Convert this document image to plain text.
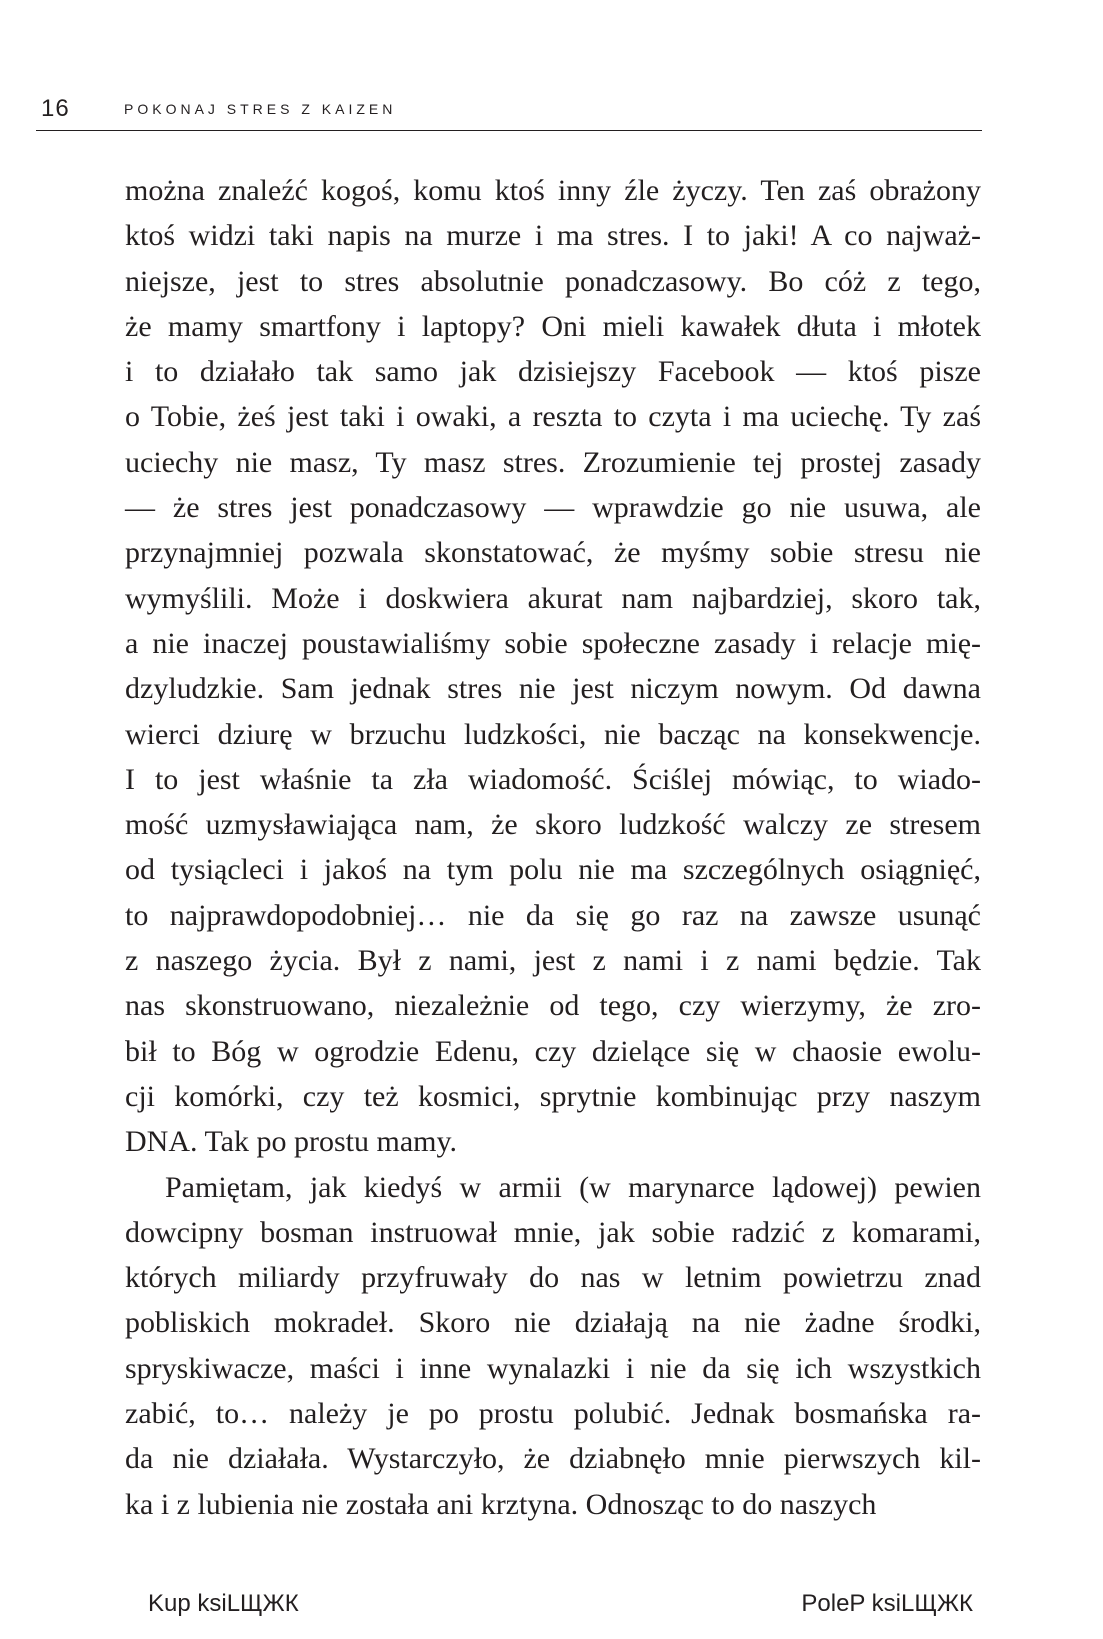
16	POKONAJ STRES Z KAIZEN

można znaleźć kogoś, komu ktoś inny źle życzy. Ten zaś obrażony
ktoś widzi taki napis na murze i ma stres. I to jaki! A co najważ-
niejsze, jest to stres absolutnie ponadczasowy. Bo cóż z tego,
że mamy smartfony i laptopy? Oni mieli kawałek dłuta i młotek
i to działało tak samo jak dzisiejszy Facebook — ktoś pisze
o Tobie, żeś jest taki i owaki, a reszta to czyta i ma uciechę. Ty zaś
uciechy nie masz, Ty masz stres. Zrozumienie tej prostej zasady
— że stres jest ponadczasowy — wprawdzie go nie usuwa, ale
przynajmniej pozwala skonstatować, że myśmy sobie stresu nie
wymyślili. Może i doskwiera akurat nam najbardziej, skoro tak,
a nie inaczej poustawialiśmy sobie społeczne zasady i relacje mię-
dzyludzkie. Sam jednak stres nie jest niczym nowym. Od dawna
wierci dziurę w brzuchu ludzkości, nie bacząc na konsekwencje.
I to jest właśnie ta zła wiadomość. Ściślej mówiąc, to wiado-
mość uzmysławiająca nam, że skoro ludzkość walczy ze stresem
od tysiącleci i jakoś na tym polu nie ma szczególnych osiągnięć,
to najprawdopodobniej… nie da się go raz na zawsze usunąć
z naszego życia. Był z nami, jest z nami i z nami będzie. Tak
nas skonstruowano, niezależnie od tego, czy wierzymy, że zro-
bił to Bóg w ogrodzie Edenu, czy dzielące się w chaosie ewolu-
cji komórki, czy też kosmici, sprytnie kombinując przy naszym
DNA. Tak po prostu mamy.

Pamiętam, jak kiedyś w armii (w marynarce lądowej) pewien
dowcipny bosman instruował mnie, jak sobie radzić z komarami,
których miliardy przyfruwały do nas w letnim powietrzu znad
pobliskich mokradeł. Skoro nie działają na nie żadne środki,
spryskiwacze, maści i inne wynalazki i nie da się ich wszystkich
zabić, to… należy je po prostu polubić. Jednak bosmańska ra-
da nie działała. Wystarczyło, że dziabnęło mnie pierwszych kil-
ka i z lubienia nie została ani krztyna. Odnosząc to do naszych

Kup ksiLЩЖК	PoleP ksiLЩЖК
